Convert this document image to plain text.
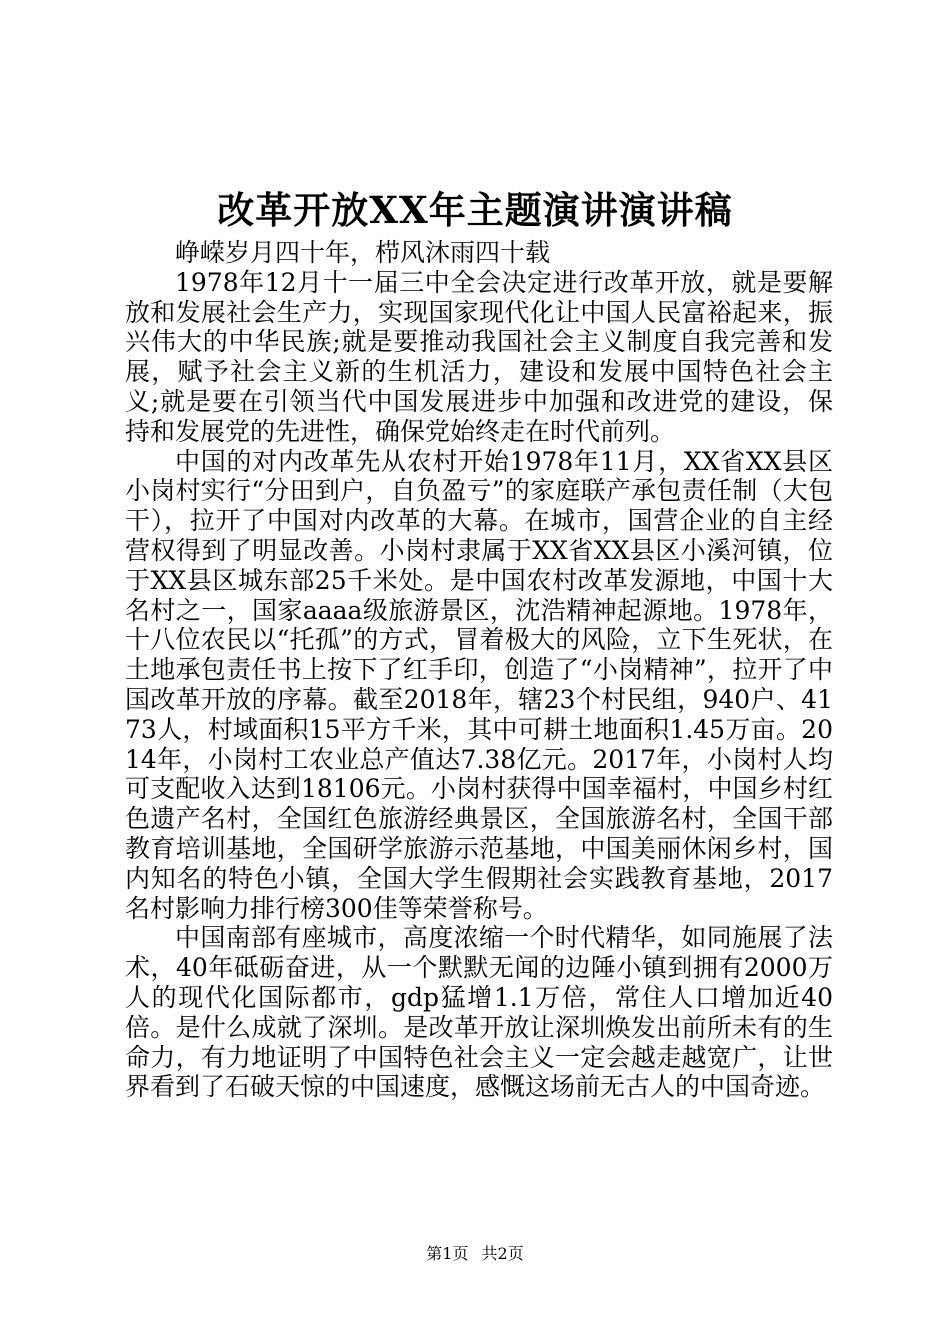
改革开放XX年主题演讲演讲稿

峥嵘岁月四十年，栉风沐雨四十载

1978年12月十一届三中全会决定进行改革开放，就是要解放和发展社会生产力，实现国家现代化让中国人民富裕起来，振兴伟大的中华民族;就是要推动我国社会主义制度自我完善和发展，赋予社会主义新的生机活力，建设和发展中国特色社会主义;就是要在引领当代中国发展进步中加强和改进党的建设，保持和发展党的先进性，确保党始终走在时代前列。

中国的对内改革先从农村开始1978年11月，XX省XX县区小岗村实行“分田到户，自负盈亏”的家庭联产承包责任制（大包干），拉开了中国对内改革的大幕。在城市，国营企业的自主经营权得到了明显改善。小岗村隶属于XX省XX县区小溪河镇，位于XX县区城东部25千米处。是中国农村改革发源地，中国十大名村之一，国家aaaa级旅游景区，沈浩精神起源地。1978年，十八位农民以“托孤”的方式，冒着极大的风险，立下生死状，在土地承包责任书上按下了红手印，创造了“小岗精神”，拉开了中国改革开放的序幕。截至2018年，辖23个村民组，940户、4173人，村域面积15平方千米，其中可耕土地面积1.45万亩。2014年，小岗村工农业总产值达7.38亿元。2017年，小岗村人均可支配收入达到18106元。小岗村获得中国幸福村，中国乡村红色遗产名村，全国红色旅游经典景区，全国旅游名村，全国干部教育培训基地，全国研学旅游示范基地，中国美丽休闲乡村，国内知名的特色小镇，全国大学生假期社会实践教育基地，2017名村影响力排行榜300佳等荣誉称号。

中国南部有座城市，高度浓缩一个时代精华，如同施展了法术，40年砥砺奋进，从一个默默无闻的边陲小镇到拥有2000万人的现代化国际都市，gdp猛增1.1万倍，常住人口增加近40倍。是什么成就了深圳。是改革开放让深圳焕发出前所未有的生命力，有力地证明了中国特色社会主义一定会越走越宽广，让世界看到了石破天惊的中国速度，感慨这场前无古人的中国奇迹。

第1页 共2页
